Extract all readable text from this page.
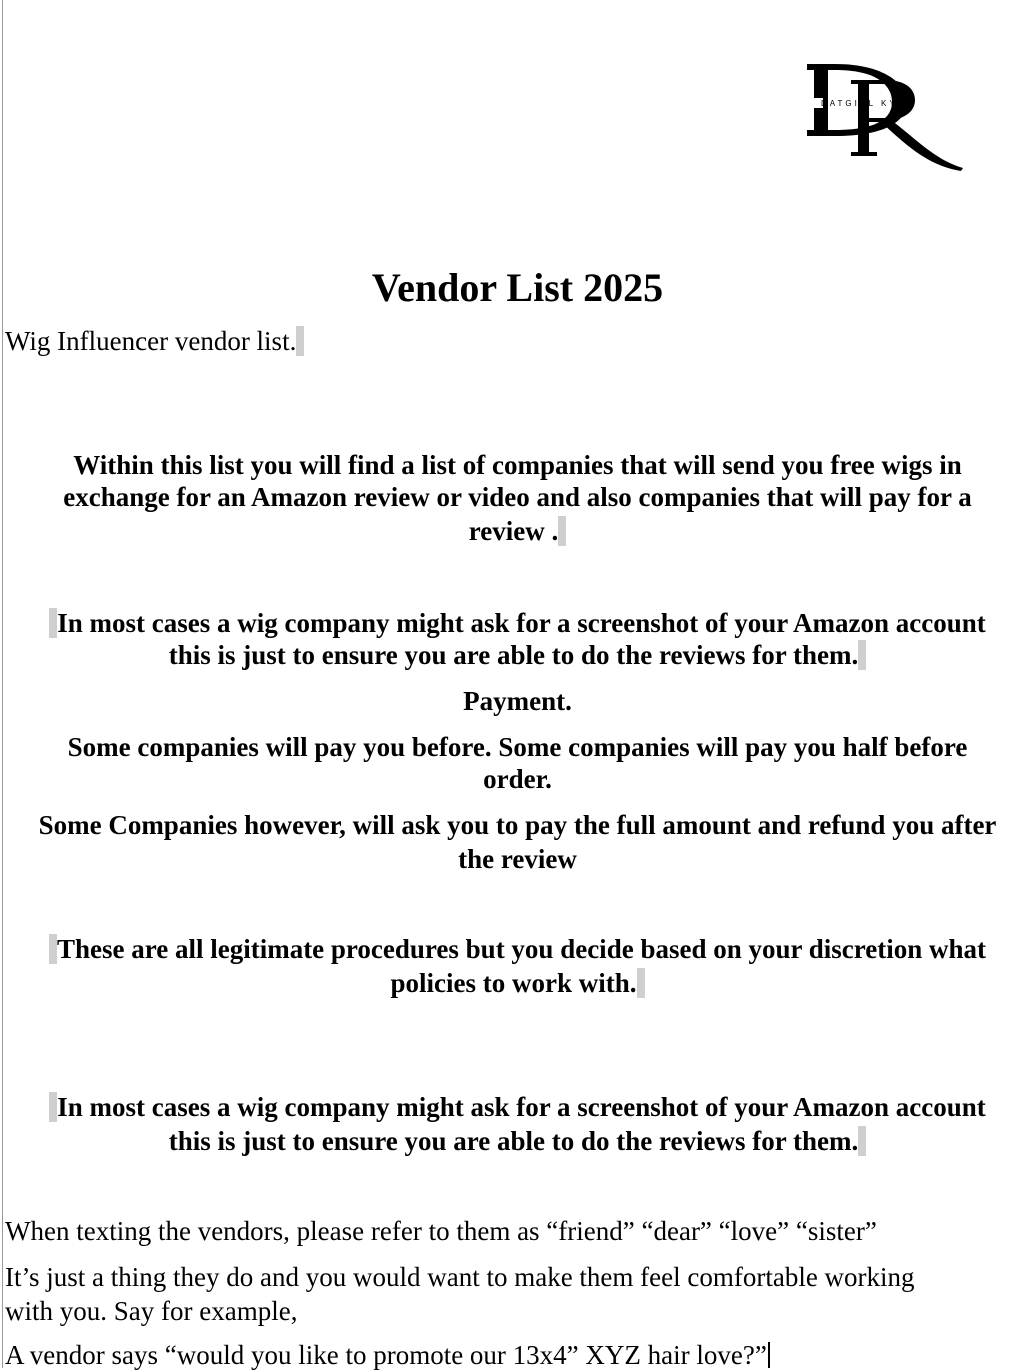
DATGIRL KYM
Vendor List 2025
Wig Influencer vendor list.
Within this list you will find a list of companies that will send you free wigs in
exchange for an Amazon review or video and also companies that will pay for a
review .
In most cases a wig company might ask for a screenshot of your Amazon account
this is just to ensure you are able to do the reviews for them.
Payment.
Some companies will pay you before. Some companies will pay you half before
order.
Some Companies however, will ask you to pay the full amount and refund you after
the review
These are all legitimate procedures but you decide based on your discretion what
policies to work with.
In most cases a wig company might ask for a screenshot of your Amazon account
this is just to ensure you are able to do the reviews for them.
When texting the vendors, please refer to them as “friend” “dear” “love” “sister”
It’s just a thing they do and you would want to make them feel comfortable working
with you. Say for example,
A vendor says “would you like to promote our 13x4” XYZ hair love?”
